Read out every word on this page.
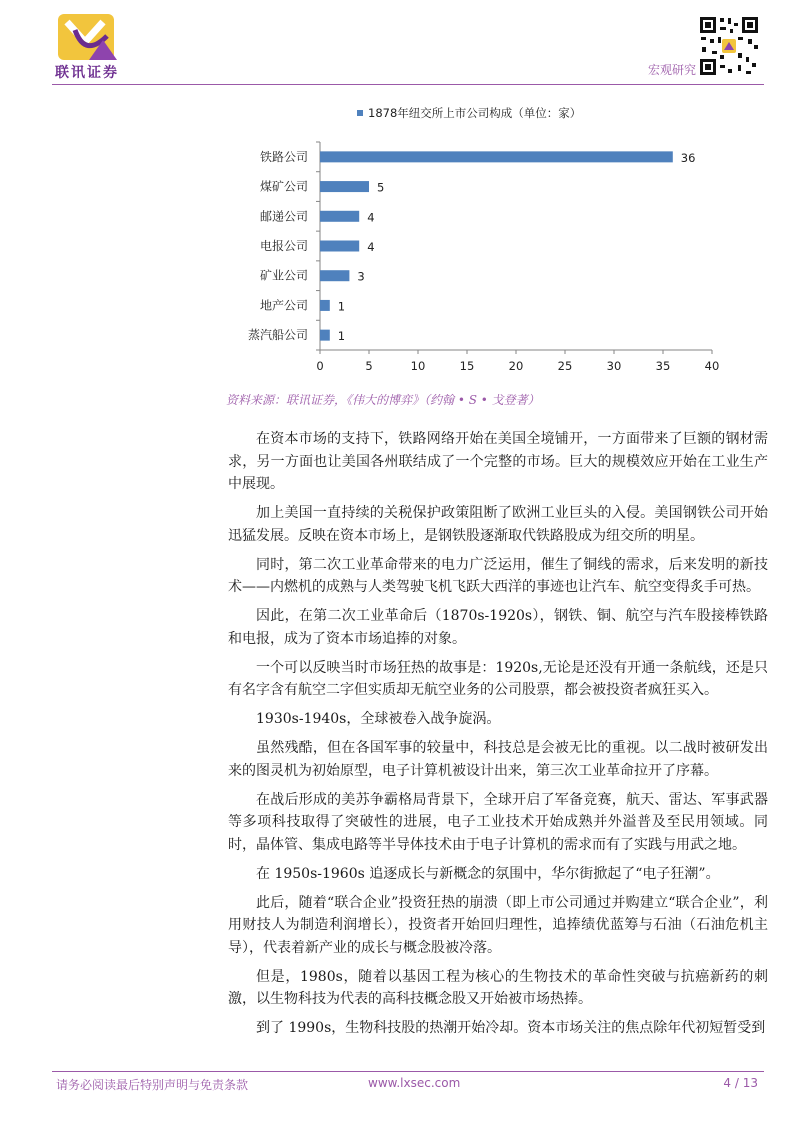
联讯证券	宏观研究
1878年纽交所上市公司构成（单位：家）
0	5	10	15	20	25	30	35	40
铁路公司	36
煤矿公司	5
邮递公司	4
电报公司	4
矿业公司	3
地产公司	1
蒸汽船公司	1
资料来源：联讯证券，《伟大的博弈》（约翰 • S • 戈登著）

在资本市场的支持下，铁路网络开始在美国全境铺开，一方面带来了巨额的钢材需求，另一方面也让美国各州联结成了一个完整的市场。巨大的规模效应开始在工业生产中展现。

加上美国一直持续的关税保护政策阻断了欧洲工业巨头的入侵。美国钢铁公司开始迅猛发展。反映在资本市场上，是钢铁股逐渐取代铁路股成为纽交所的明星。

同时，第二次工业革命带来的电力广泛运用，催生了铜线的需求，后来发明的新技术——内燃机的成熟与人类驾驶飞机飞跃大西洋的事迹也让汽车、航空变得炙手可热。

因此，在第二次工业革命后（1870s-1920s），钢铁、铜、航空与汽车股接棒铁路和电报，成为了资本市场追捧的对象。

一个可以反映当时市场狂热的故事是：1920s,无论是还没有开通一条航线，还是只有名字含有航空二字但实质却无航空业务的公司股票，都会被投资者疯狂买入。

1930s-1940s，全球被卷入战争旋涡。

虽然残酷，但在各国军事的较量中，科技总是会被无比的重视。以二战时被研发出来的图灵机为初始原型，电子计算机被设计出来，第三次工业革命拉开了序幕。

在战后形成的美苏争霸格局背景下，全球开启了军备竞赛，航天、雷达、军事武器等多项科技取得了突破性的进展，电子工业技术开始成熟并外溢普及至民用领域。同时，晶体管、集成电路等半导体技术由于电子计算机的需求而有了实践与用武之地。

在 1950s-1960s 追逐成长与新概念的氛围中，华尔街掀起了“电子狂潮”。

此后，随着“联合企业”投资狂热的崩溃（即上市公司通过并购建立“联合企业”，利用财技人为制造利润增长），投资者开始回归理性，追捧绩优蓝筹与石油（石油危机主导），代表着新产业的成长与概念股被冷落。

但是，1980s，随着以基因工程为核心的生物技术的革命性突破与抗癌新药的刺激，以生物科技为代表的高科技概念股又开始被市场热捧。

到了 1990s，生物科技股的热潮开始冷却。资本市场关注的焦点除年代初短暂受到

请务必阅读最后特别声明与免责条款	www.lxsec.com	4 / 13
